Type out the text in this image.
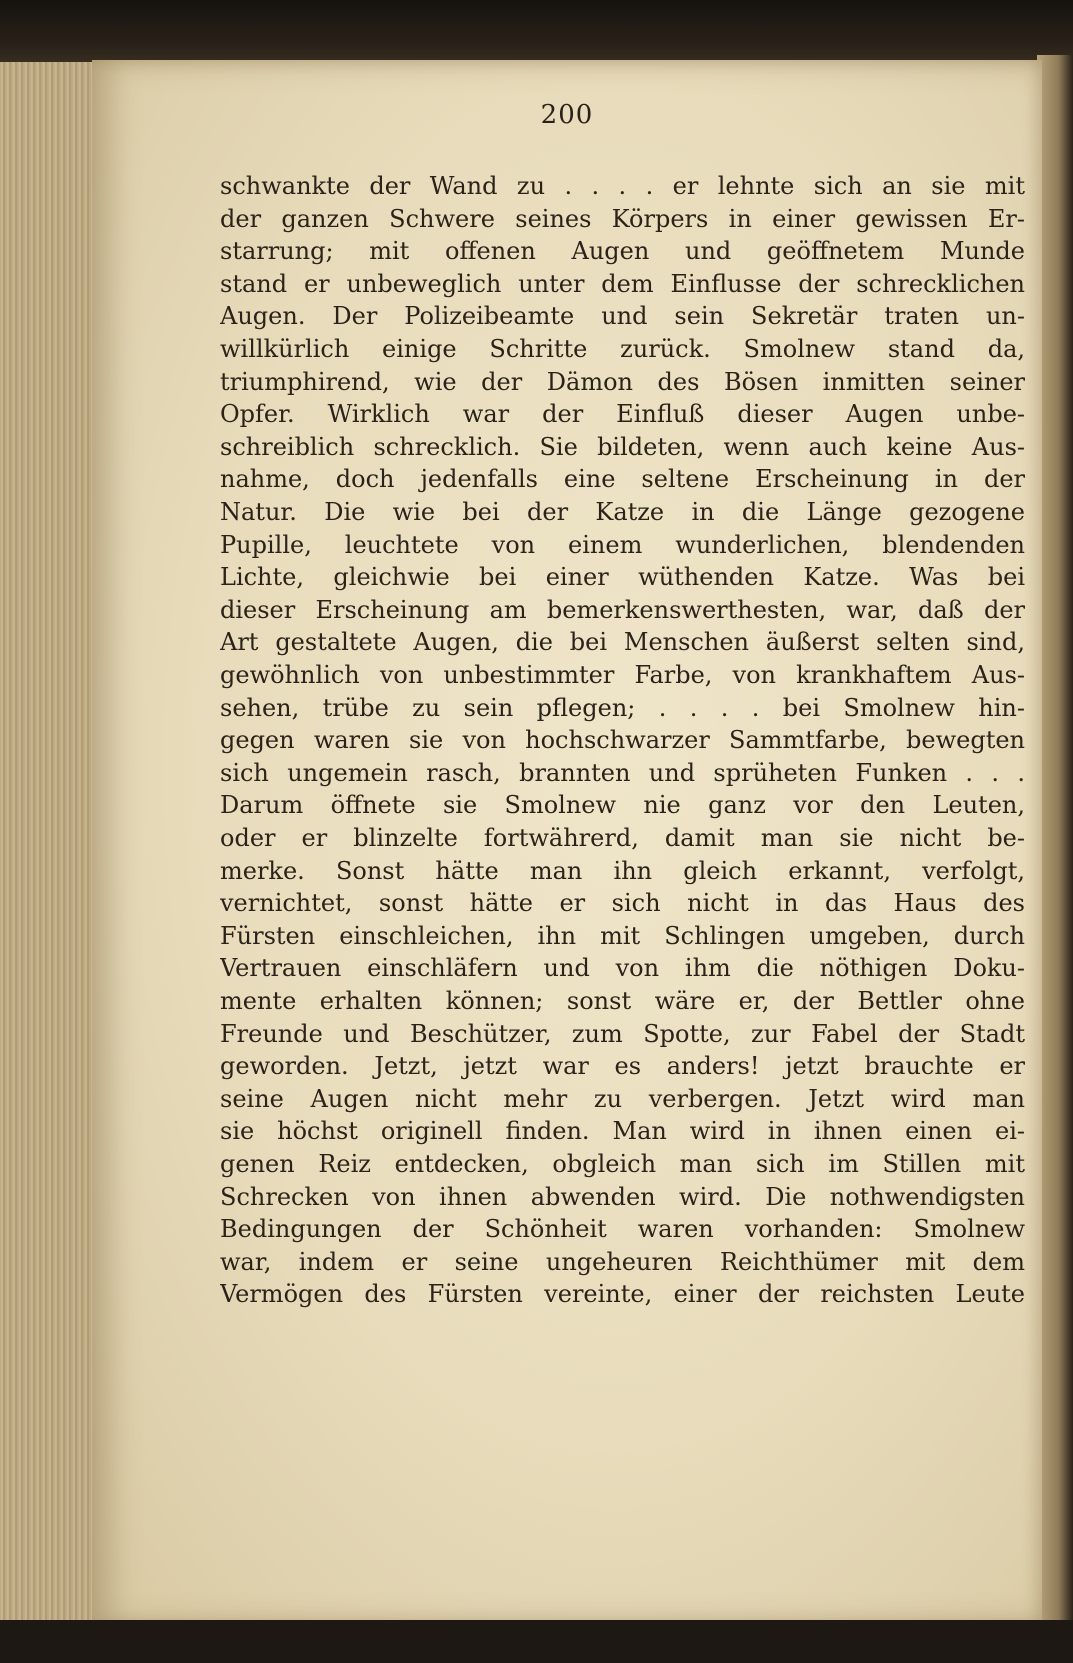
200
schwankte der Wand zu . . . . er lehnte sich an sie mit
der ganzen Schwere seines Körpers in einer gewissen Er-
starrung; mit offenen Augen und geöffnetem Munde
stand er unbeweglich unter dem Einflusse der schrecklichen
Augen. Der Polizeibeamte und sein Sekretär traten un-
willkürlich einige Schritte zurück. Smolnew stand da,
triumphirend, wie der Dämon des Bösen inmitten seiner
Opfer. Wirklich war der Einfluß dieser Augen unbe-
schreiblich schrecklich. Sie bildeten, wenn auch keine Aus-
nahme, doch jedenfalls eine seltene Erscheinung in der
Natur. Die wie bei der Katze in die Länge gezogene
Pupille, leuchtete von einem wunderlichen, blendenden
Lichte, gleichwie bei einer wüthenden Katze. Was bei
dieser Erscheinung am bemerkenswerthesten, war, daß der
Art gestaltete Augen, die bei Menschen äußerst selten sind,
gewöhnlich von unbestimmter Farbe, von krankhaftem Aus-
sehen, trübe zu sein pflegen; . . . . bei Smolnew hin-
gegen waren sie von hochschwarzer Sammtfarbe, bewegten
sich ungemein rasch, brannten und sprüheten Funken . . .
Darum öffnete sie Smolnew nie ganz vor den Leuten,
oder er blinzelte fortwährerd, damit man sie nicht be-
merke. Sonst hätte man ihn gleich erkannt, verfolgt,
vernichtet, sonst hätte er sich nicht in das Haus des
Fürsten einschleichen, ihn mit Schlingen umgeben, durch
Vertrauen einschläfern und von ihm die nöthigen Doku-
mente erhalten können; sonst wäre er, der Bettler ohne
Freunde und Beschützer, zum Spotte, zur Fabel der Stadt
geworden. Jetzt, jetzt war es anders! jetzt brauchte er
seine Augen nicht mehr zu verbergen. Jetzt wird man
sie höchst originell finden. Man wird in ihnen einen ei-
genen Reiz entdecken, obgleich man sich im Stillen mit
Schrecken von ihnen abwenden wird. Die nothwendigsten
Bedingungen der Schönheit waren vorhanden: Smolnew
war, indem er seine ungeheuren Reichthümer mit dem
Vermögen des Fürsten vereinte, einer der reichsten Leute
